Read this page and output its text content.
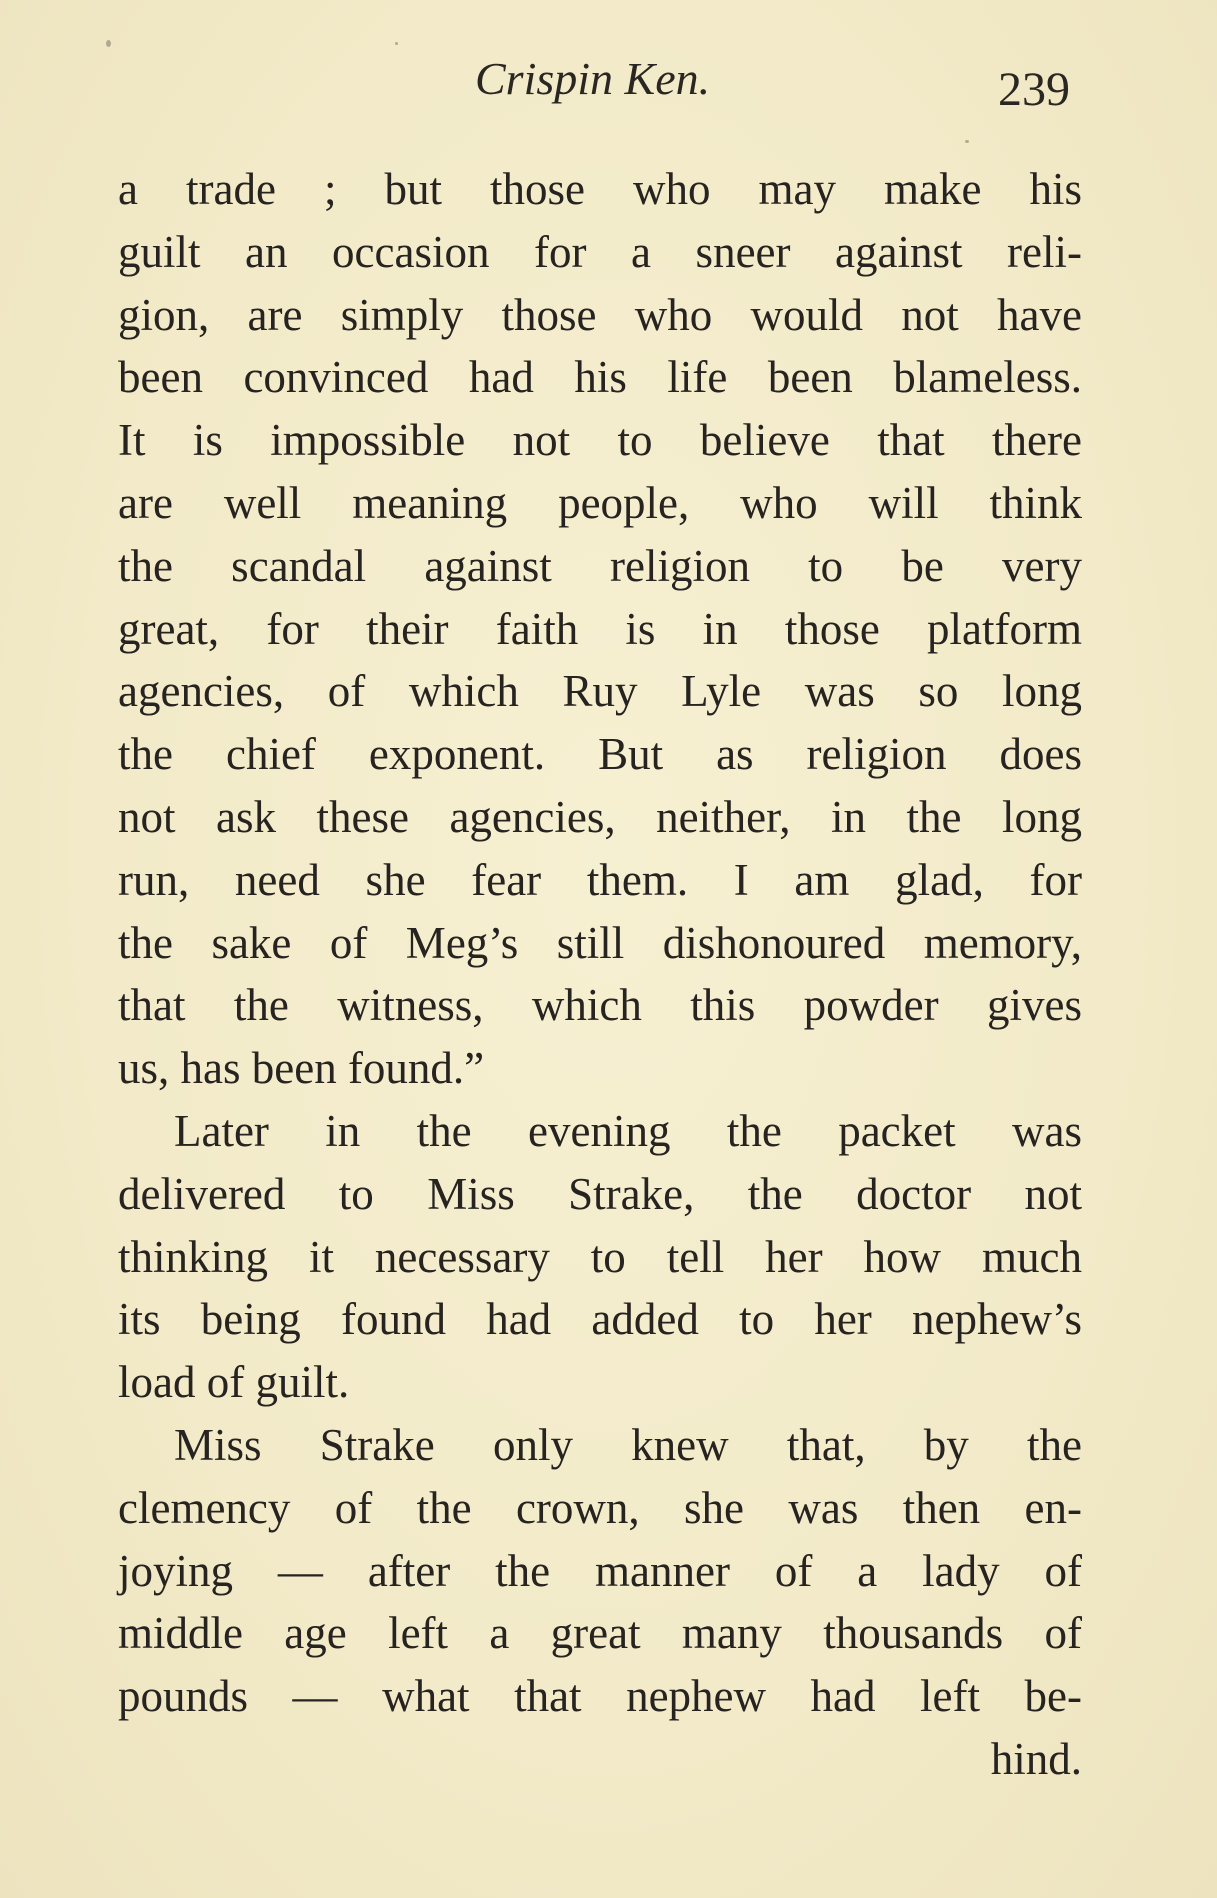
Crispin Ken.	239
a trade ; but those who may make his
guilt an occasion for a sneer against reli-
gion, are simply those who would not have
been convinced had his life been blameless.
It is impossible not to believe that there
are well meaning people, who will think
the scandal against religion to be very
great, for their faith is in those platform
agencies, of which Ruy Lyle was so long
the chief exponent. But as religion does
not ask these agencies, neither, in the long
run, need she fear them. I am glad, for
the sake of Meg’s still dishonoured memory,
that the witness, which this powder gives
us, has been found.”
Later in the evening the packet was
delivered to Miss Strake, the doctor not
thinking it necessary to tell her how much
its being found had added to her nephew’s
load of guilt.
Miss Strake only knew that, by the
clemency of the crown, she was then en-
joying — after the manner of a lady of
middle age left a great many thousands of
pounds — what that nephew had left be-
hind.
